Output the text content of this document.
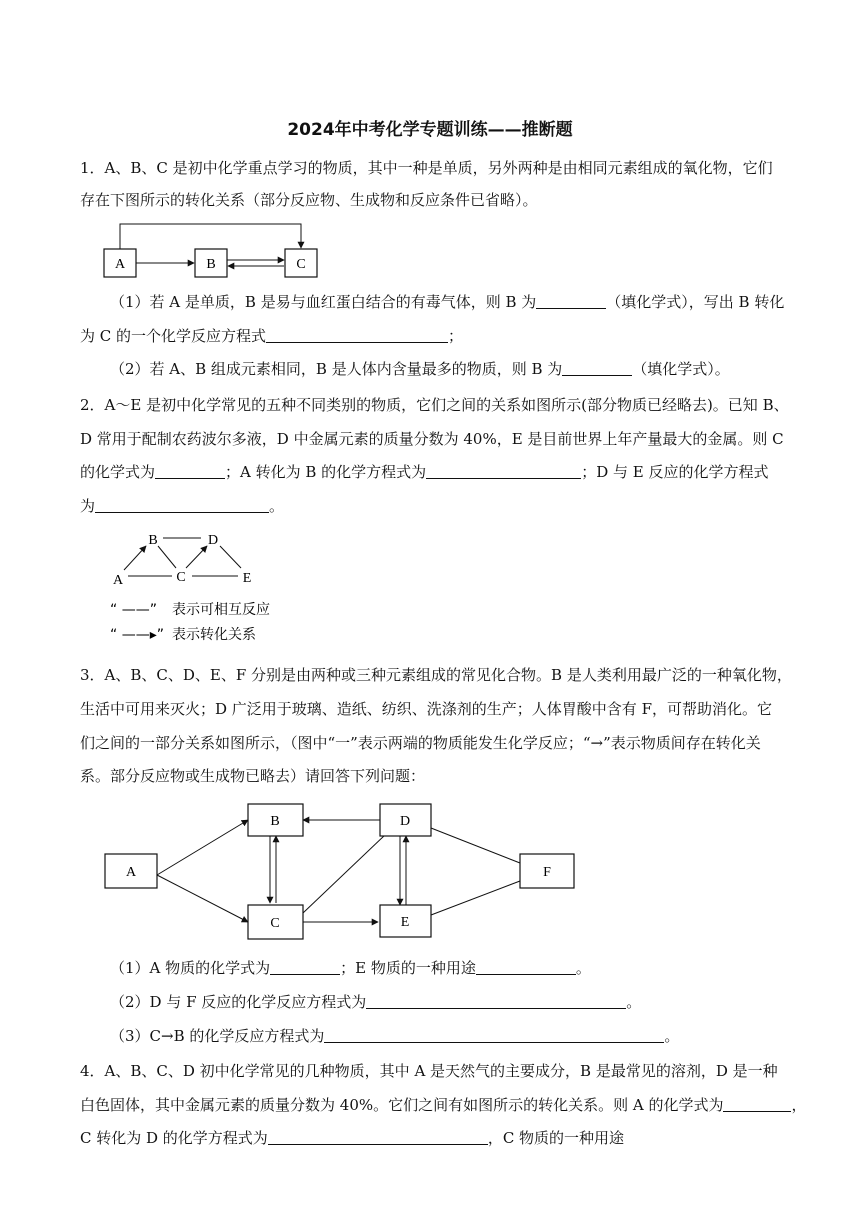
2024年中考化学专题训练——推断题
1．A、B、C 是初中化学重点学习的物质，其中一种是单质，另外两种是由相同元素组成的氧化物，它们
存在下图所示的转化关系（部分反应物、生成物和反应条件已省略）。
A	B	C
（1）若 A 是单质，B 是易与血红蛋白结合的有毒气体，则 B 为	（填化学式），写出 B 转化
为 C 的一个化学反应方程式	；
（2）若 A、B 组成元素相同，B 是人体内含量最多的物质，则 B 为	（填化学式）。
2．A～E 是初中化学常见的五种不同类别的物质，它们之间的关系如图所示(部分物质已经略去)。已知 B、
D 常用于配制农药波尔多液，D 中金属元素的质量分数为 40%，E 是目前世界上年产量最大的金属。则 C
的化学式为	；A 转化为 B 的化学方程式为	；D 与 E 反应的化学方程式
为	。
B	D
A	C	E
“ ——” 表示可相互反应
“ ——▸” 表示转化关系
3．A、B、C、D、E、F 分别是由两种或三种元素组成的常见化合物。B 是人类利用最广泛的一种氧化物，
生活中可用来灭火；D 广泛用于玻璃、造纸、纺织、洗涤剂的生产；人体胃酸中含有 F，可帮助消化。它
们之间的一部分关系如图所示，（图中“一”表示两端的物质能发生化学反应；“→”表示物质间存在转化关
系。部分反应物或生成物已略去）请回答下列问题：
A
B
C
D
E
F
（1）A 物质的化学式为	；E 物质的一种用途	。
（2）D 与 F 反应的化学反应方程式为	。
（3）C→B 的化学反应方程式为	。
4．A、B、C、D 初中化学常见的几种物质，其中 A 是天然气的主要成分，B 是最常见的溶剂，D 是一种
白色固体，其中金属元素的质量分数为 40%。它们之间有如图所示的转化关系。则 A 的化学式为	，
C 转化为 D 的化学方程式为	，C 物质的一种用途
